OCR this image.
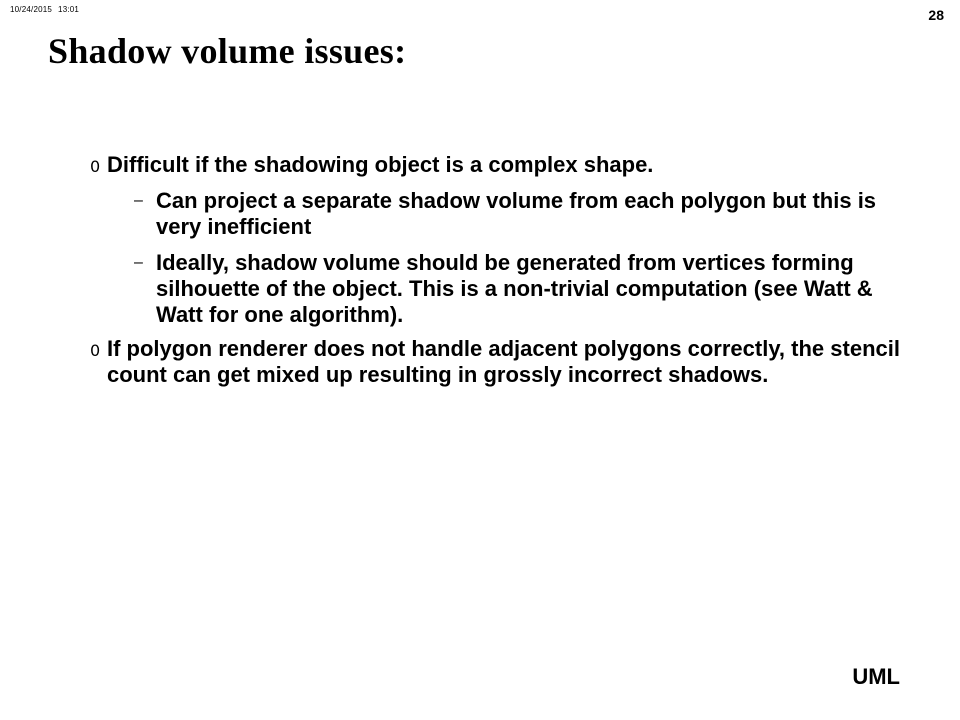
10/24/2015 13:01	28
Shadow volume issues:
0 Difficult if the shadowing object is a complex shape.
– Can project a separate shadow volume from each polygon but this is very inefficient
– Ideally, shadow volume should be generated from vertices forming silhouette of the object. This is a non-trivial computation (see Watt & Watt for one algorithm).
0 If polygon renderer does not handle adjacent polygons correctly, the stencil count can get mixed up resulting in grossly incorrect shadows.
UML
